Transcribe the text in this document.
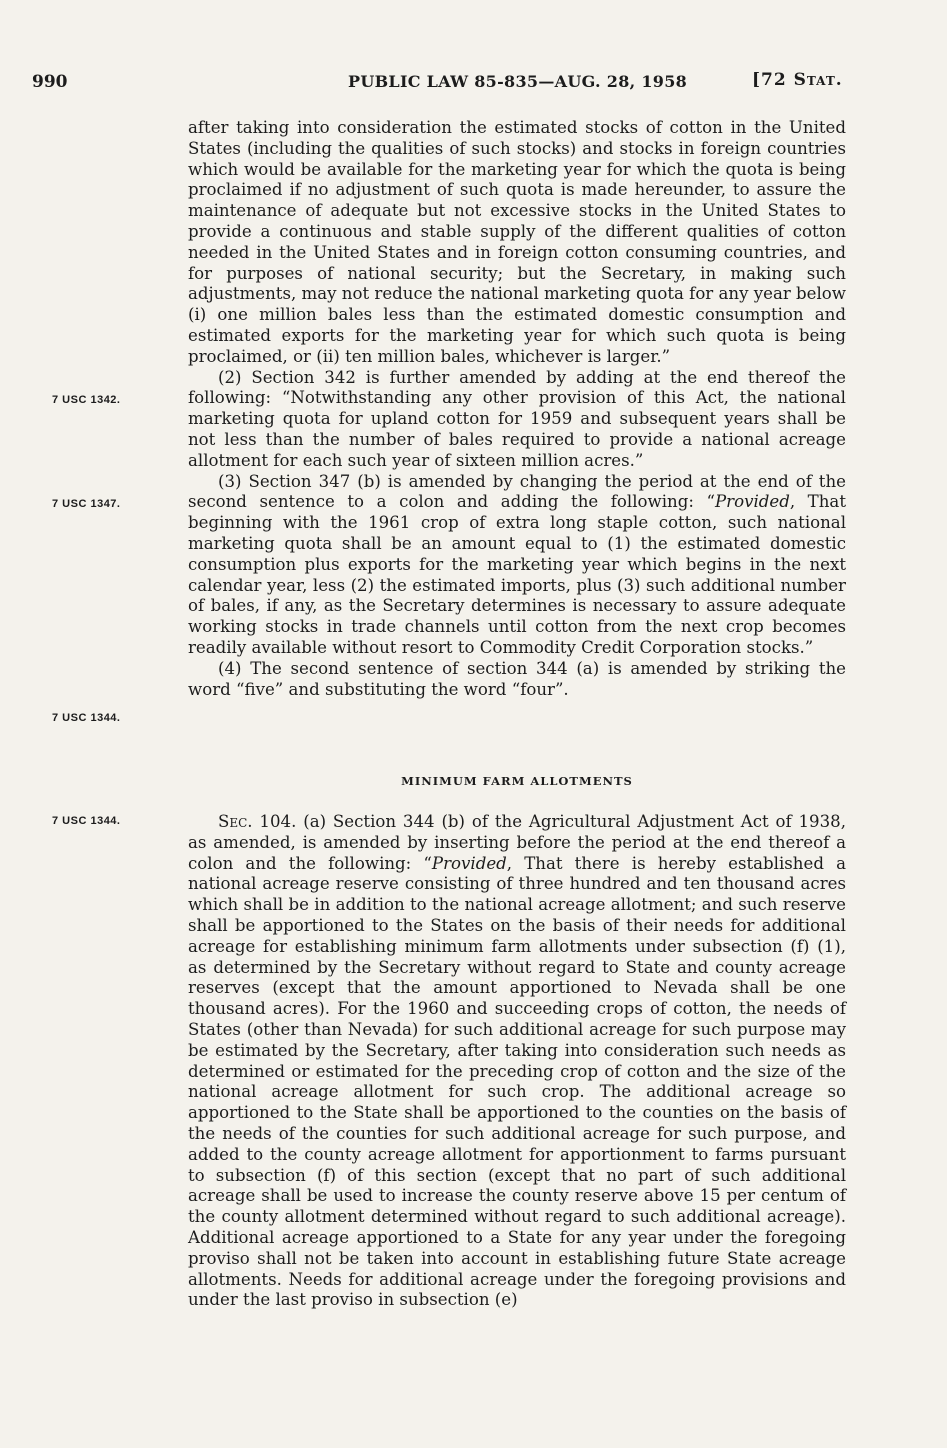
990	PUBLIC LAW 85-835—AUG. 28, 1958	[72 Stat.
7 USC 1342.
7 USC 1347.
7 USC 1344.
7 USC 1344.

after taking into consideration the estimated stocks of cotton in the United States (including the qualities of such stocks) and stocks in foreign countries which would be available for the marketing year for which the quota is being proclaimed if no adjustment of such quota is made hereunder, to assure the maintenance of adequate but not excessive stocks in the United States to provide a continuous and stable supply of the different qualities of cotton needed in the United States and in foreign cotton consuming countries, and for purposes of national security; but the Secretary, in making such adjustments, may not reduce the national marketing quota for any year below (i) one million bales less than the estimated domestic consumption and estimated exports for the marketing year for which such quota is being proclaimed, or (ii) ten million bales, whichever is larger.”

(2) Section 342 is further amended by adding at the end thereof the following: “Notwithstanding any other provision of this Act, the national marketing quota for upland cotton for 1959 and subsequent years shall be not less than the number of bales required to provide a national acreage allotment for each such year of sixteen million acres.”

(3) Section 347 (b) is amended by changing the period at the end of the second sentence to a colon and adding the following: “Provided, That beginning with the 1961 crop of extra long staple cotton, such national marketing quota shall be an amount equal to (1) the estimated domestic consumption plus exports for the marketing year which begins in the next calendar year, less (2) the estimated imports, plus (3) such additional number of bales, if any, as the Secretary determines is necessary to assure adequate working stocks in trade channels until cotton from the next crop becomes readily available without resort to Commodity Credit Corporation stocks.”

(4) The second sentence of section 344 (a) is amended by striking the word “five” and substituting the word “four”.

MINIMUM FARM ALLOTMENTS

Sec. 104. (a) Section 344 (b) of the Agricultural Adjustment Act of 1938, as amended, is amended by inserting before the period at the end thereof a colon and the following: “Provided, That there is hereby established a national acreage reserve consisting of three hundred and ten thousand acres which shall be in addition to the national acreage allotment; and such reserve shall be apportioned to the States on the basis of their needs for additional acreage for establishing minimum farm allotments under subsection (f) (1), as determined by the Secretary without regard to State and county acreage reserves (except that the amount apportioned to Nevada shall be one thousand acres). For the 1960 and succeeding crops of cotton, the needs of States (other than Nevada) for such additional acreage for such purpose may be estimated by the Secretary, after taking into consideration such needs as determined or estimated for the preceding crop of cotton and the size of the national acreage allotment for such crop. The additional acreage so apportioned to the State shall be apportioned to the counties on the basis of the needs of the counties for such additional acreage for such purpose, and added to the county acreage allotment for apportionment to farms pursuant to subsection (f) of this section (except that no part of such additional acreage shall be used to increase the county reserve above 15 per centum of the county allotment determined without regard to such additional acreage). Additional acreage apportioned to a State for any year under the foregoing proviso shall not be taken into account in establishing future State acreage allotments. Needs for additional acreage under the foregoing provisions and under the last proviso in subsection (e)
